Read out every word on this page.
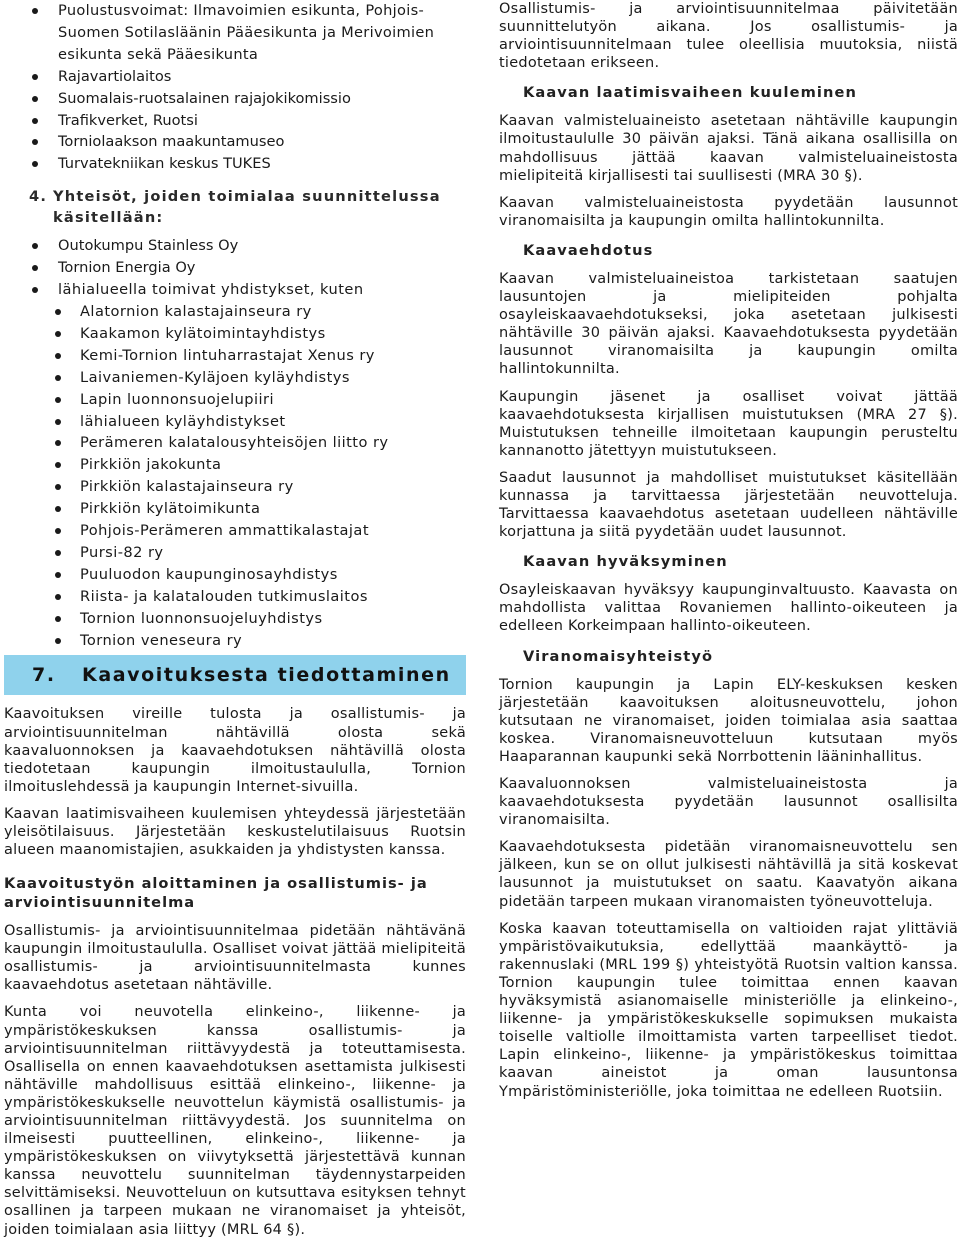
Puolustusvoimat: Ilmavoimien esikunta, Pohjois-Suomen Sotilasläänin Pääesikunta ja Merivoimien esikunta sekä Pääesikunta
Rajavartiolaitos
Suomalais-ruotsalainen rajajokikomissio
Trafikverket, Ruotsi
Torniolaakson maakuntamuseo
Turvatekniikan keskus TUKES
4. Yhteisöt, joiden toimialaa suunnittelussa käsitellään:
Outokumpu Stainless Oy
Tornion Energia Oy
lähialueella toimivat yhdistykset, kuten
Alatornion kalastajainseura ry
Kaakamon kylätoimintayhdistys
Kemi-Tornion lintuharrastajat Xenus ry
Laivaniemen-Kyläjoen kyläyhdistys
Lapin luonnonsuojelupiiri
lähialueen kyläyhdistykset
Perämeren kalatalousyhteisöjen liitto ry
Pirkkiön jakokunta
Pirkkiön kalastajainseura ry
Pirkkiön kylätoimikunta
Pohjois-Perämeren ammattikalastajat
Pursi-82 ry
Puuluodon kaupunginosayhdistys
Riista- ja kalatalouden tutkimuslaitos
Tornion luonnonsuojeluyhdistys
Tornion veneseura ry
7.	Kaavoituksesta tiedottaminen

Kaavoituksen vireille tulosta ja osallistumis- ja arviointisuunnitelman nähtävillä olosta sekä kaavaluonnoksen ja kaavaehdotuksen nähtävillä olosta tiedotetaan kaupungin ilmoitustaululla, Tornion ilmoituslehdessä ja kaupungin Internet-sivuilla.

Kaavan laatimisvaiheen kuulemisen yhteydessä järjestetään yleisötilaisuus. Järjestetään keskustelutilaisuus Ruotsin alueen maanomistajien, asukkaiden ja yhdistysten kanssa.

Kaavoitustyön aloittaminen ja osallistumis- ja arviointisuunnitelma

Osallistumis- ja arviointisuunnitelmaa pidetään nähtävänä kaupungin ilmoitustaululla. Osalliset voivat jättää mielipiteitä osallistumis- ja arviointisuunnitelmasta kunnes kaavaehdotus asetetaan nähtäville.

Kunta voi neuvotella elinkeino-, liikenne- ja ympäristökeskuksen kanssa osallistumis- ja arviointisuunnitelman riittävyydestä ja toteuttamisesta. Osallisella on ennen kaavaehdotuksen asettamista julkisesti nähtäville mahdollisuus esittää elinkeino-, liikenne- ja ympäristökeskukselle neuvottelun käymistä osallistumis- ja arviointisuunnitelman riittävyydestä. Jos suunnitelma on ilmeisesti puutteellinen, elinkeino-, liikenne- ja ympäristökeskuksen on viivytyksettä järjestettävä kunnan kanssa neuvottelu suunnitelman täydennystarpeiden selvittämiseksi. Neuvotteluun on kutsuttava esityksen tehnyt osallinen ja tarpeen mukaan ne viranomaiset ja yhteisöt, joiden toimialaan asia liittyy (MRL 64 §).

Osallistumis- ja arviointisuunnitelmaa päivitetään suunnittelutyön aikana. Jos osallistumis- ja arviointisuunnitelmaan tulee oleellisia muutoksia, niistä tiedotetaan erikseen.

Kaavan laatimisvaiheen kuuleminen

Kaavan valmisteluaineisto asetetaan nähtäville kaupungin ilmoitustaululle 30 päivän ajaksi. Tänä aikana osallisilla on mahdollisuus jättää kaavan valmisteluaineistosta mielipiteitä kirjallisesti tai suullisesti (MRA 30 §).

Kaavan valmisteluaineistosta pyydetään lausunnot viranomaisilta ja kaupungin omilta hallintokunnilta.

Kaavaehdotus

Kaavan valmisteluaineistoa tarkistetaan saatujen lausuntojen ja mielipiteiden pohjalta osayleiskaavaehdotukseksi, joka asetetaan julkisesti nähtäville 30 päivän ajaksi. Kaavaehdotuksesta pyydetään lausunnot viranomaisilta ja kaupungin omilta hallintokunnilta.

Kaupungin jäsenet ja osalliset voivat jättää kaavaehdotuksesta kirjallisen muistutuksen (MRA 27 §). Muistutuksen tehneille ilmoitetaan kaupungin perusteltu kannanotto jätettyyn muistutukseen.

Saadut lausunnot ja mahdolliset muistutukset käsitellään kunnassa ja tarvittaessa järjestetään neuvotteluja. Tarvittaessa kaavaehdotus asetetaan uudelleen nähtäville korjattuna ja siitä pyydetään uudet lausunnot.

Kaavan hyväksyminen

Osayleiskaavan hyväksyy kaupunginvaltuusto. Kaavasta on mahdollista valittaa Rovaniemen hallinto-oikeuteen ja edelleen Korkeimpaan hallinto-oikeuteen.

Viranomaisyhteistyö

Tornion kaupungin ja Lapin ELY-keskuksen kesken järjestetään kaavoituksen aloitusneuvottelu, johon kutsutaan ne viranomaiset, joiden toimialaa asia saattaa koskea. Viranomaisneuvotteluun kutsutaan myös Haaparannan kaupunki sekä Norrbottenin lääninhallitus.

Kaavaluonnoksen valmisteluaineistosta ja kaavaehdotuksesta pyydetään lausunnot osallisilta viranomaisilta.

Kaavaehdotuksesta pidetään viranomaisneuvottelu sen jälkeen, kun se on ollut julkisesti nähtävillä ja sitä koskevat lausunnot ja muistutukset on saatu. Kaavatyön aikana pidetään tarpeen mukaan viranomaisten työneuvotteluja.

Koska kaavan toteuttamisella on valtioiden rajat ylittäviä ympäristövaikutuksia, edellyttää maankäyttö- ja rakennuslaki (MRL 199 §) yhteistyötä Ruotsin valtion kanssa. Tornion kaupungin tulee toimittaa ennen kaavan hyväksymistä asianomaiselle ministeriölle ja elinkeino-, liikenne- ja ympäristökeskukselle sopimuksen mukaista toiselle valtiolle ilmoittamista varten tarpeelliset tiedot. Lapin elinkeino-, liikenne- ja ympäristökeskus toimittaa kaavan aineistot ja oman lausuntonsa Ympäristöministeriölle, joka toimittaa ne edelleen Ruotsiin.
